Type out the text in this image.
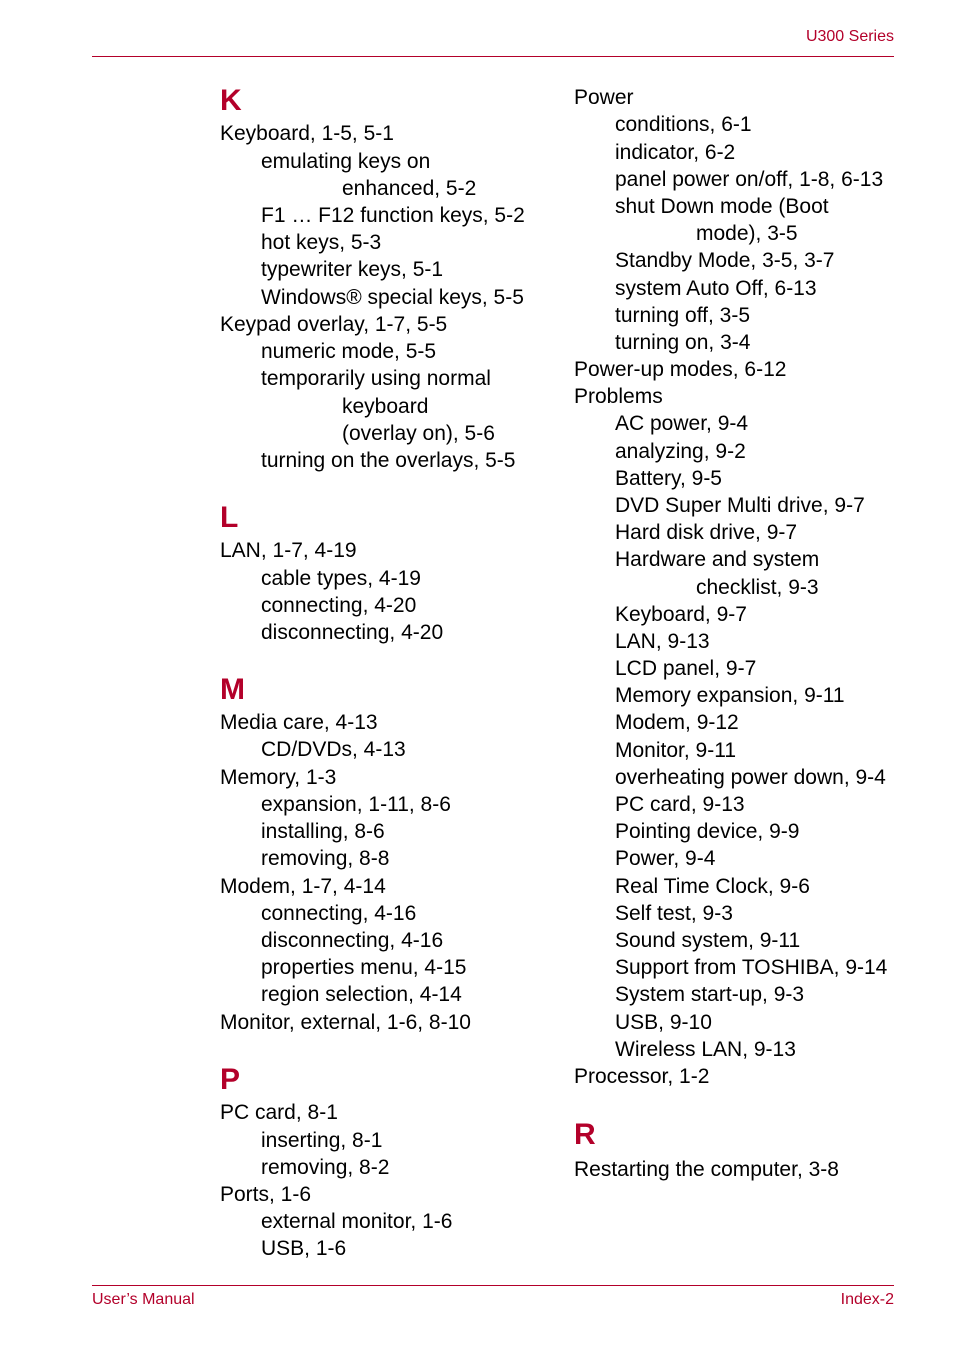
U300 Series
User’s Manual	Index-2
K
Keyboard, 1-5, 5-1
emulating keys on
enhanced, 5-2
F1 … F12 function keys, 5-2
hot keys, 5-3
typewriter keys, 5-1
Windows® special keys, 5-5
Keypad overlay, 1-7, 5-5
numeric mode, 5-5
temporarily using normal
keyboard
(overlay on), 5-6
turning on the overlays, 5-5
L
LAN, 1-7, 4-19
cable types, 4-19
connecting, 4-20
disconnecting, 4-20
M
Media care, 4-13
CD/DVDs, 4-13
Memory, 1-3
expansion, 1-11, 8-6
installing, 8-6
removing, 8-8
Modem, 1-7, 4-14
connecting, 4-16
disconnecting, 4-16
properties menu, 4-15
region selection, 4-14
Monitor, external, 1-6, 8-10
P
PC card, 8-1
inserting, 8-1
removing, 8-2
Ports, 1-6
external monitor, 1-6
USB, 1-6
Power
conditions, 6-1
indicator, 6-2
panel power on/off, 1-8, 6-13
shut Down mode (Boot
mode), 3-5
Standby Mode, 3-5, 3-7
system Auto Off, 6-13
turning off, 3-5
turning on, 3-4
Power-up modes, 6-12
Problems
AC power, 9-4
analyzing, 9-2
Battery, 9-5
DVD Super Multi drive, 9-7
Hard disk drive, 9-7
Hardware and system
checklist, 9-3
Keyboard, 9-7
LAN, 9-13
LCD panel, 9-7
Memory expansion, 9-11
Modem, 9-12
Monitor, 9-11
overheating power down, 9-4
PC card, 9-13
Pointing device, 9-9
Power, 9-4
Real Time Clock, 9-6
Self test, 9-3
Sound system, 9-11
Support from TOSHIBA, 9-14
System start-up, 9-3
USB, 9-10
Wireless LAN, 9-13
Processor, 1-2
R
Restarting the computer, 3-8
